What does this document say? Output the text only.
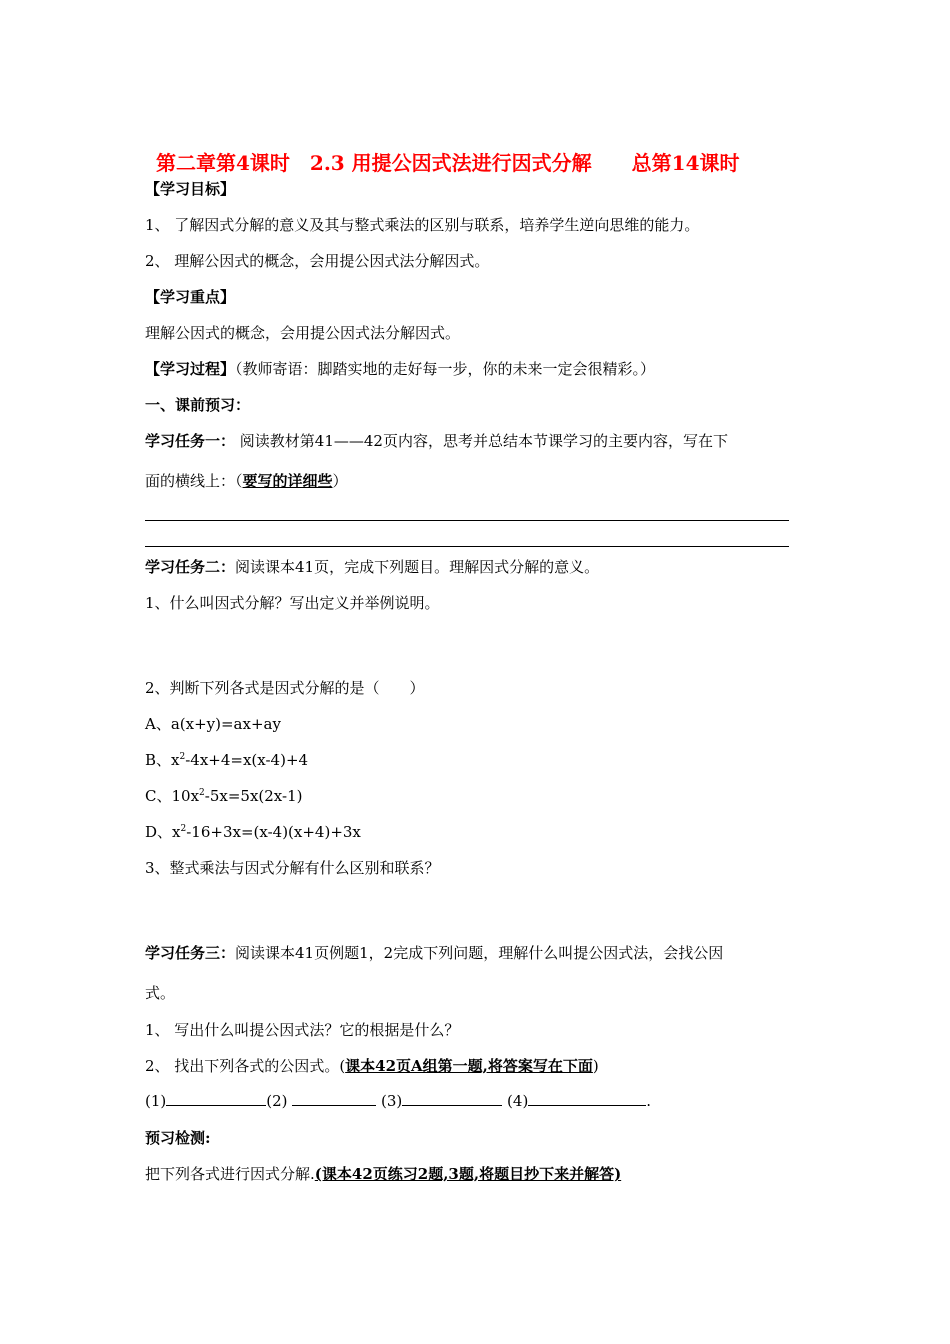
第二章第4课时　2.3 用提公因式法进行因式分解　　总第14课时
【学习目标】
1、 了解因式分解的意义及其与整式乘法的区别与联系，培养学生逆向思维的能力。
2、 理解公因式的概念，会用提公因式法分解因式。
【学习重点】
理解公因式的概念，会用提公因式法分解因式。
【学习过程】（教师寄语：脚踏实地的走好每一步，你的未来一定会很精彩。）
一、课前预习：
学习任务一： 阅读教材第41——42页内容，思考并总结本节课学习的主要内容，写在下
面的横线上：（要写的详细些）
学习任务二：阅读课本41页，完成下列题目。理解因式分解的意义。
1、什么叫因式分解？写出定义并举例说明。
2、判断下列各式是因式分解的是（　　）
A、a(x+y)=ax+ay
B、$x^2-4x+4=x(x-4)+4$
C、$10x^2-5x=5x(2x-1)$
D、$x^2-16+3x=(x-4)(x+4)+3x$
3、整式乘法与因式分解有什么区别和联系？
学习任务三：阅读课本41页例题1，2完成下列问题，理解什么叫提公因式法，会找公因
式。
1、 写出什么叫提公因式法？它的根据是什么？
2、 找出下列各式的公因式。(课本42页A组第一题,将答案写在下面)
(1)	(2)	(3)	(4)	.
预习检测:
把下列各式进行因式分解.(课本42页练习2题,3题,将题目抄下来并解答)
